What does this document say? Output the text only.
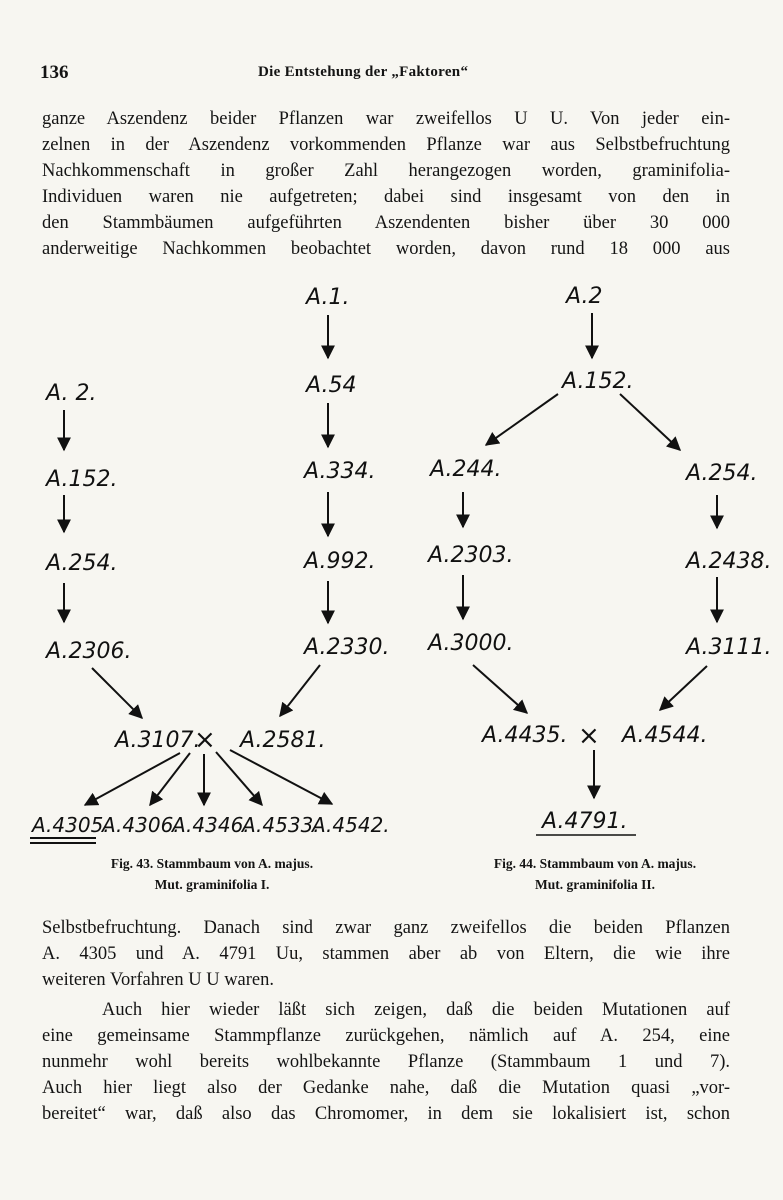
136	Die Entstehung der „Faktoren“
ganze Aszendenz beider Pflanzen war zweifellos U U. Von jeder ein-
zelnen in der Aszendenz vorkommenden Pflanze war aus Selbstbefruchtung
Nachkommenschaft in großer Zahl herangezogen worden, graminifolia-
Individuen waren nie aufgetreten; dabei sind insgesamt von den in
den Stammbäumen aufgeführten Aszendenten bisher über 30 000
anderweitige Nachkommen beobachtet worden, davon rund 18 000 aus
A. 2.
A.152.
A.254.
A.2306.
A.1.
A.54
A.334.
A.992.
A.2330.
A.3107.
× A.2581.
A.4305.
A.4306.
A.4346.
A.4533.
A.4542.
A.2
A.152.
A.244.
A.2303.
A.3000.
A.254.
A.2438.
A.3111.
A.4435. × A.4544.
A.4791.
Fig. 43. Stammbaum von A. majus.
Mut. graminifolia I.
Fig. 44. Stammbaum von A. majus.
Mut. graminifolia II.
Selbstbefruchtung. Danach sind zwar ganz zweifellos die beiden Pflanzen
A. 4305 und A. 4791 Uu, stammen aber ab von Eltern, die wie ihre
weiteren Vorfahren U U waren.
Auch hier wieder läßt sich zeigen, daß die beiden Mutationen auf
eine gemeinsame Stammpflanze zurückgehen, nämlich auf A. 254, eine
nunmehr wohl bereits wohlbekannte Pflanze (Stammbaum 1 und 7).
Auch hier liegt also der Gedanke nahe, daß die Mutation quasi „vor-
bereitet“ war, daß also das Chromomer, in dem sie lokalisiert ist, schon
